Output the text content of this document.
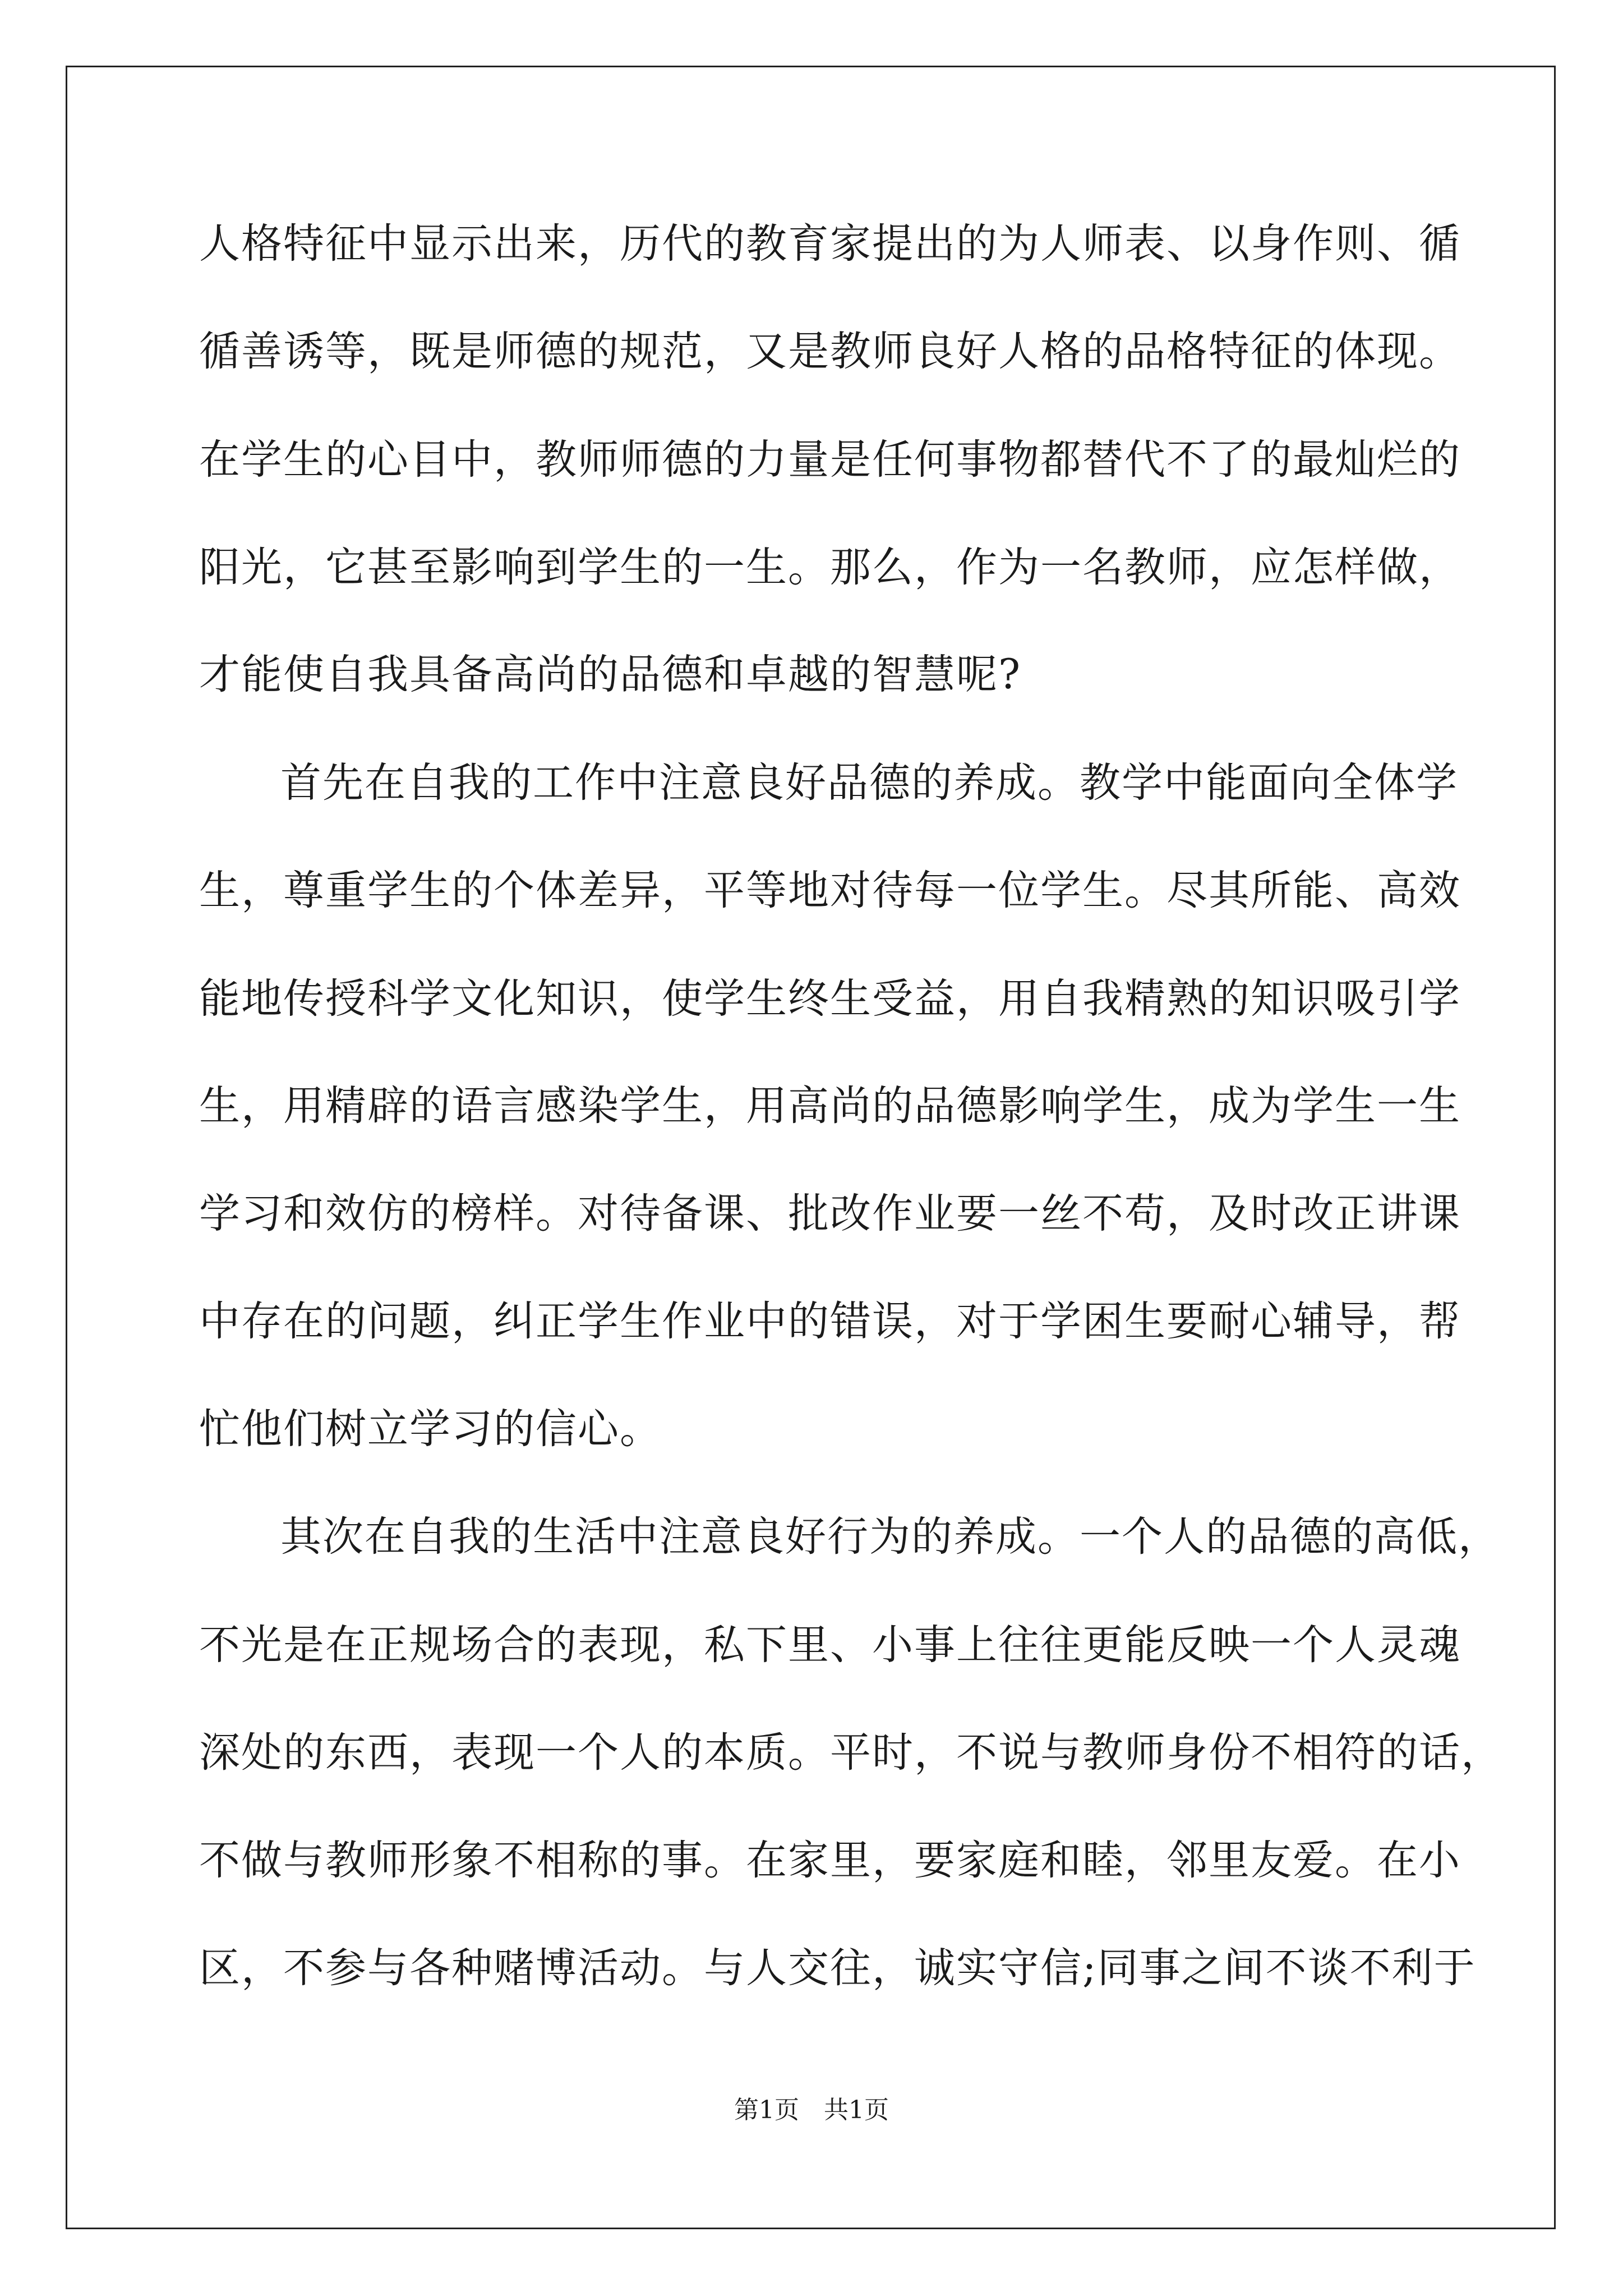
人格特征中显示出来，历代的教育家提出的为人师表、以身作则、循
循善诱等，既是师德的规范，又是教师良好人格的品格特征的体现。
在学生的心目中，教师师德的力量是任何事物都替代不了的最灿烂的
阳光，它甚至影响到学生的一生。那么，作为一名教师，应怎样做，
才能使自我具备高尚的品德和卓越的智慧呢?
首先在自我的工作中注意良好品德的养成。教学中能面向全体学
生，尊重学生的个体差异，平等地对待每一位学生。尽其所能、高效
能地传授科学文化知识，使学生终生受益，用自我精熟的知识吸引学
生，用精辟的语言感染学生，用高尚的品德影响学生，成为学生一生
学习和效仿的榜样。对待备课、批改作业要一丝不苟，及时改正讲课
中存在的问题，纠正学生作业中的错误，对于学困生要耐心辅导，帮
忙他们树立学习的信心。
其次在自我的生活中注意良好行为的养成。一个人的品德的高低，
不光是在正规场合的表现，私下里、小事上往往更能反映一个人灵魂
深处的东西，表现一个人的本质。平时，不说与教师身份不相符的话，
不做与教师形象不相称的事。在家里，要家庭和睦，邻里友爱。在小
区，不参与各种赌博活动。与人交往，诚实守信;同事之间不谈不利于
第1页　共1页
